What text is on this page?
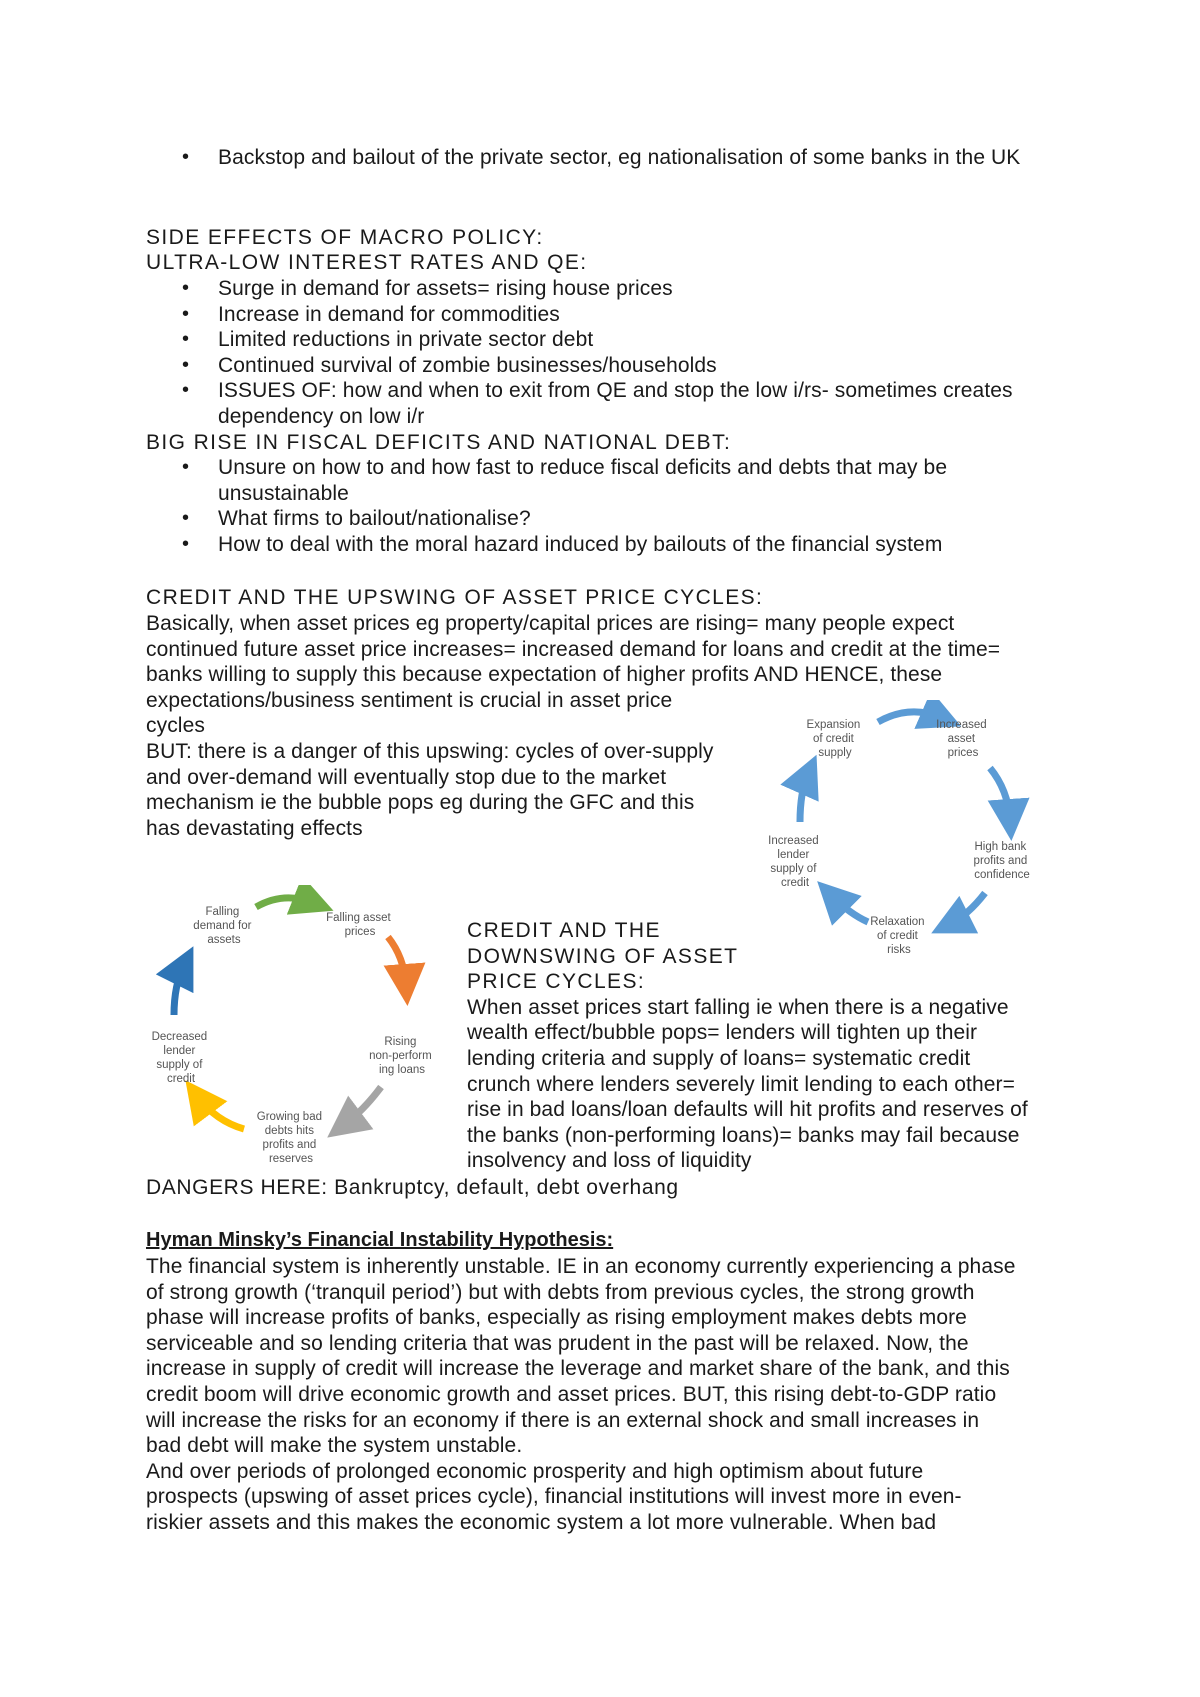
• Backstop and bailout of the private sector, eg nationalisation of some banks in the UK
SIDE EFFECTS OF MACRO POLICY:
ULTRA-LOW INTEREST RATES AND QE:
• Surge in demand for assets= rising house prices
• Increase in demand for commodities
• Limited reductions in private sector debt
• Continued survival of zombie businesses/households
• ISSUES OF: how and when to exit from QE and stop the low i/rs- sometimes creates dependency on low i/r
BIG RISE IN FISCAL DEFICITS AND NATIONAL DEBT:
• Unsure on how to and how fast to reduce fiscal deficits and debts that may be unsustainable
• What firms to bailout/nationalise?
• How to deal with the moral hazard induced by bailouts of the financial system
CREDIT AND THE UPSWING OF ASSET PRICE CYCLES:
Basically, when asset prices eg property/capital prices are rising= many people expect
continued future asset price increases= increased demand for loans and credit at the time=
banks willing to supply this because expectation of higher profits AND HENCE, these
expectations/business sentiment is crucial in asset price
cycles
BUT: there is a danger of this upswing: cycles of over-supply
and over-demand will eventually stop due to the market
mechanism ie the bubble pops eg during the GFC and this
has devastating effects
Expansion of credit supply
Increased asset prices
High bank profits and confidence
Relaxation of credit risks
Increased lender supply of credit
Falling demand for assets
Falling asset prices
Rising non-perform ing loans
Growing bad debts hits profits and reserves
Decreased lender supply of credit
CREDIT AND THE
DOWNSWING OF ASSET
PRICE CYCLES:
When asset prices start falling ie when there is a negative
wealth effect/bubble pops= lenders will tighten up their
lending criteria and supply of loans= systematic credit
crunch where lenders severely limit lending to each other=
rise in bad loans/loan defaults will hit profits and reserves of
the banks (non-performing loans)= banks may fail because
insolvency and loss of liquidity
DANGERS HERE: Bankruptcy, default, debt overhang
Hyman Minsky’s Financial Instability Hypothesis:
The financial system is inherently unstable. IE in an economy currently experiencing a phase
of strong growth (‘tranquil period’) but with debts from previous cycles, the strong growth
phase will increase profits of banks, especially as rising employment makes debts more
serviceable and so lending criteria that was prudent in the past will be relaxed. Now, the
increase in supply of credit will increase the leverage and market share of the bank, and this
credit boom will drive economic growth and asset prices. BUT, this rising debt-to-GDP ratio
will increase the risks for an economy if there is an external shock and small increases in
bad debt will make the system unstable.
And over periods of prolonged economic prosperity and high optimism about future
prospects (upswing of asset prices cycle), financial institutions will invest more in even-
riskier assets and this makes the economic system a lot more vulnerable. When bad
